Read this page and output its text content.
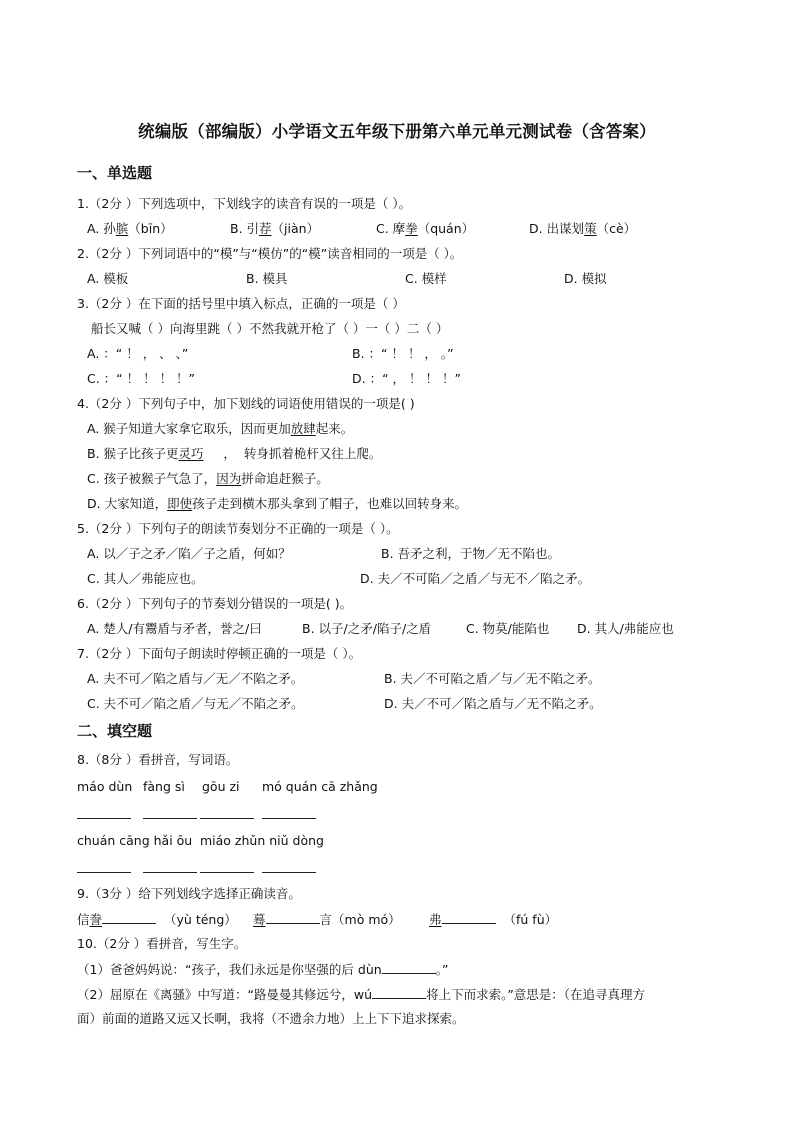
统编版（部编版）小学语文五年级下册第六单元单元测试卷（含答案）
一、单选题
1.（2分 ）下列选项中，下划线字的读音有误的一项是（ ）。
A. 孙膑（bīn）	B. 引荐（jiàn）	C. 摩拳（quán）	D. 出谋划策（cè）
2.（2分 ）下列词语中的“模”与“模仿”的“模”读音相同的一项是（ ）。
A. 模板	B. 模具	C. 模样	D. 模拟
3.（2分 ）在下面的括号里中填入标点，正确的一项是（ ）
船长又喊（ ）向海里跳（ ）不然我就开枪了（ ）一（ ）二（ ）
A. ：“ ！ ， 、 、”	B. ：“ ！ ！ ， 。”
C. ：“ ！ ！ ！ ！”	D. ：“ ， ！ ！ ！”
4.（2分 ）下列句子中，加下划线的词语使用错误的一项是( )
A. 猴子知道大家拿它取乐，因而更加放肆起来。
B. 猴子比孩子更灵巧     ，  转身抓着桅杆又往上爬。
C. 孩子被猴子气急了，因为拼命追赶猴子。
D. 大家知道，即使孩子走到横木那头拿到了帽子，也难以回转身来。
5.（2分 ）下列句子的朗读节奏划分不正确的一项是（ ）。
A. 以／子之矛／陷／子之盾，何如？	B. 吾矛之利，于物／无不陷也。
C. 其人／弗能应也。	D. 夫／不可陷／之盾／与无不／陷之矛。
6.（2分 ）下列句子的节奏划分错误的一项是( )。
A. 楚人/有鬻盾与矛者，誉之/曰	B. 以子/之矛/陷子/之盾	C. 物莫/能陷也 D. 其人/弗能应也
7.（2分 ）下面句子朗读时停顿正确的一项是（ ）。
A. 夫不可／陷之盾与／无／不陷之矛。	B. 夫／不可陷之盾／与／无不陷之矛。
C. 夫不可／陷之盾／与无／不陷之矛。	D. 夫／不可／陷之盾与／无不陷之矛。
二、填空题
8.（8分 ）看拼音，写词语。
máo dùn fàng sì gōu zi mó quán cā zhǎng
chuán cāng hǎi ōu miáo zhǔn niǔ dòng
9.（3分 ）给下列划线字选择正确读音。
信誊	（yù téng） 蓦	言（mò mó） 弗	（fú fù）
10.（2分 ）看拼音，写生字。
（1）爸爸妈妈说：“孩子，我们永远是你坚强的后 dùn	。”
（2）屈原在《离骚》中写道：“路曼曼其修远兮，wú	将上下而求索。”意思是：（在追寻真理方
面）前面的道路又远又长啊，我将（不遗余力地）上上下下追求探索。
